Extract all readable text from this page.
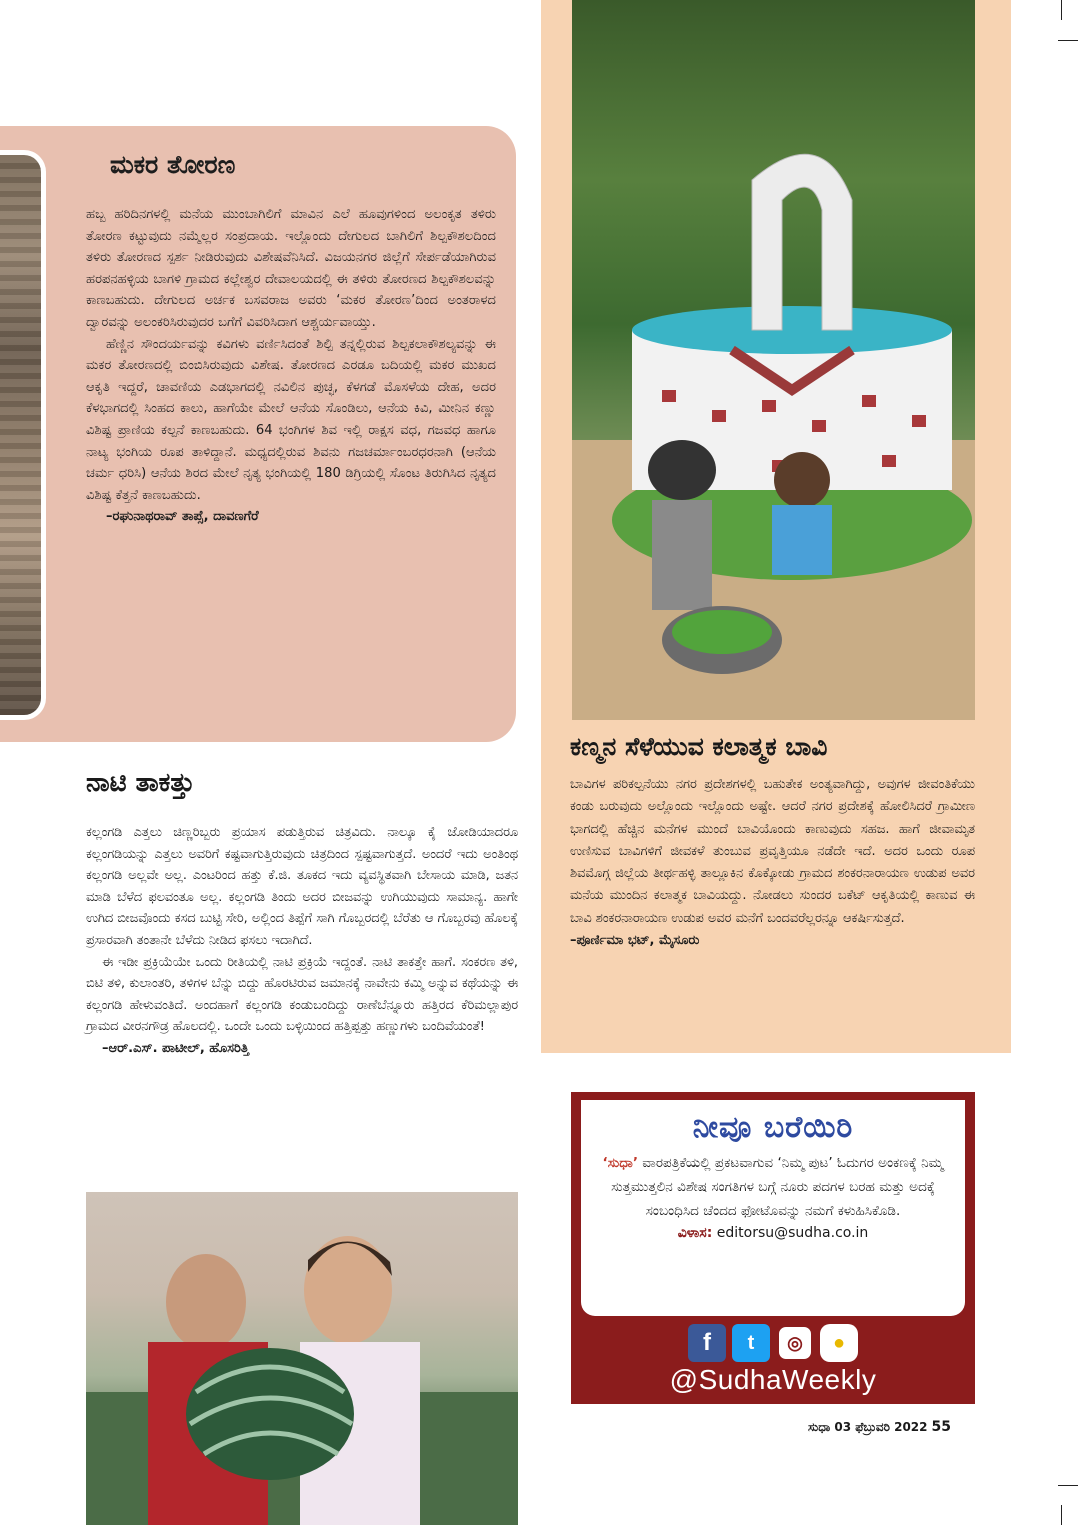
ಮಕರ ತೋರಣ

ಹಬ್ಬ ಹರಿದಿನಗಳಲ್ಲಿ ಮನೆಯ ಮುಂಬಾಗಿಲಿಗೆ ಮಾವಿನ ಎಲೆ ಹೂವುಗಳಿಂದ ಅಲಂಕೃತ ತಳಿರು ತೋರಣ ಕಟ್ಟುವುದು ನಮ್ಮೆಲ್ಲರ ಸಂಪ್ರದಾಯ. ಇಲ್ಲೊಂದು ದೇಗುಲದ ಬಾಗಿಲಿಗೆ ಶಿಲ್ಪಕೌಶಲದಿಂದ ತಳಿರು ತೋರಣದ ಸ್ಪರ್ಶ ನೀಡಿರುವುದು ವಿಶೇಷವೆನಿಸಿದೆ. ವಿಜಯನಗರ ಜಿಲ್ಲೆಗೆ ಸೇರ್ಪಡೆಯಾಗಿರುವ ಹರಪನಹಳ್ಳಿಯ ಬಾಗಳಿ ಗ್ರಾಮದ ಕಲ್ಲೇಶ್ವರ ದೇವಾಲಯದಲ್ಲಿ ಈ ತಳಿರು ತೋರಣದ ಶಿಲ್ಪಕೌಶಲವನ್ನು ಕಾಣಬಹುದು. ದೇಗುಲದ ಅರ್ಚಕ ಬಸವರಾಜ ಅವರು ‘ಮಕರ ತೋರಣ’ದಿಂದ ಅಂತರಾಳದ ದ್ವಾರವನ್ನು ಅಲಂಕರಿಸಿರುವುದರ ಬಗೆಗೆ ವಿವರಿಸಿದಾಗ ಆಶ್ಚರ್ಯವಾಯ್ತು.

ಹೆಣ್ಣಿನ ಸೌಂದರ್ಯವನ್ನು ಕವಿಗಳು ವರ್ಣಿಸಿದಂತೆ ಶಿಲ್ಪಿ ತನ್ನಲ್ಲಿರುವ ಶಿಲ್ಪಕಲಾಕೌಶಲ್ಯವನ್ನು ಈ ಮಕರ ತೋರಣದಲ್ಲಿ ಬಿಂಬಿಸಿರುವುದು ವಿಶೇಷ. ತೋರಣದ ಎರಡೂ ಬದಿಯಲ್ಲಿ ಮಕರ ಮುಖದ ಆಕೃತಿ ಇದ್ದರೆ, ಚಾವಣಿಯ ಎಡಭಾಗದಲ್ಲಿ ನವಿಲಿನ ಪುಚ್ಛ, ಕೆಳಗಡೆ ಮೊಸಳೆಯ ದೇಹ, ಅದರ ಕೆಳಭಾಗದಲ್ಲಿ ಸಿಂಹದ ಕಾಲು, ಹಾಗೆಯೇ ಮೇಲೆ ಆನೆಯ ಸೊಂಡಿಲು, ಆನೆಯ ಕಿವಿ, ಮೀನಿನ ಕಣ್ಣು ವಿಶಿಷ್ಟ ಪ್ರಾಣಿಯ ಕಲ್ಪನೆ ಕಾಣಬಹುದು. 64 ಭಂಗಿಗಳ ಶಿವ ಇಲ್ಲಿ ರಾಕ್ಷಸ ವಧ, ಗಜವಧ ಹಾಗೂ ನಾಟ್ಯ ಭಂಗಿಯ ರೂಪ ತಾಳಿದ್ದಾನೆ. ಮಧ್ಯದಲ್ಲಿರುವ ಶಿವನು ಗಜಚರ್ಮಾಂಬರಧರನಾಗಿ (ಆನೆಯ ಚರ್ಮ ಧರಿಸಿ) ಆನೆಯ ಶಿರದ ಮೇಲೆ ನೃತ್ಯ ಭಂಗಿಯಲ್ಲಿ 180 ಡಿಗ್ರಿಯಲ್ಲಿ ಸೊಂಟ ತಿರುಗಿಸಿದ ನೃತ್ಯದ ವಿಶಿಷ್ಟ ಕೆತ್ತನೆ ಕಾಣಬಹುದು.

–ರಘುನಾಥರಾವ್ ತಾಪ್ಸೆ, ದಾವಣಗೆರೆ

ನಾಟಿ ತಾಕತ್ತು

ಕಲ್ಲಂಗಡಿ ಎತ್ತಲು ಚಿಣ್ಣರಿಬ್ಬರು ಪ್ರಯಾಸ ಪಡುತ್ತಿರುವ ಚಿತ್ರವಿದು. ನಾಲ್ಕೂ ಕೈ ಜೋಡಿಯಾದರೂ ಕಲ್ಲಂಗಡಿಯನ್ನು ಎತ್ತಲು ಅವರಿಗೆ ಕಷ್ಟವಾಗುತ್ತಿರುವುದು ಚಿತ್ರದಿಂದ ಸ್ಪಷ್ಟವಾಗುತ್ತದೆ. ಅಂದರೆ ಇದು ಅಂತಿಂಥ ಕಲ್ಲಂಗಡಿ ಅಲ್ಲವೇ ಅಲ್ಲ. ಎಂಟರಿಂದ ಹತ್ತು ಕೆ.ಜಿ. ತೂಕದ ಇದು ವ್ಯವಸ್ಥಿತವಾಗಿ ಬೇಸಾಯ ಮಾಡಿ, ಜತನ ಮಾಡಿ ಬೆಳೆದ ಫಲವಂತೂ ಅಲ್ಲ. ಕಲ್ಲಂಗಡಿ ತಿಂದು ಅದರ ಬೀಜವನ್ನು ಉಗಿಯುವುದು ಸಾಮಾನ್ಯ. ಹಾಗೇ ಉಗಿದ ಬೀಜವೊಂದು ಕಸದ ಬುಟ್ಟಿ ಸೇರಿ, ಅಲ್ಲಿಂದ ತಿಪ್ಪೆಗೆ ಸಾಗಿ ಗೊಬ್ಬರದಲ್ಲಿ ಬೆರೆತು ಆ ಗೊಬ್ಬರವು ಹೊಲಕ್ಕೆ ಪ್ರಸಾರವಾಗಿ ತಂತಾನೇ ಬೆಳೆದು ನೀಡಿದ ಫಸಲು ಇದಾಗಿದೆ.

ಈ ಇಡೀ ಪ್ರಕ್ರಿಯೆಯೇ ಒಂದು ರೀತಿಯಲ್ಲಿ ನಾಟಿ ಪ್ರಕ್ರಿಯೆ ಇದ್ದಂತೆ. ನಾಟಿ ತಾಕತ್ತೇ ಹಾಗೆ. ಸಂಕರಣ ತಳಿ, ಬಿಟಿ ತಳಿ, ಕುಲಾಂತರಿ, ತಳಿಗಳ ಬೆನ್ನು ಬಿದ್ದು ಹೊರಟಿರುವ ಜಮಾನಕ್ಕೆ ನಾವೇನು ಕಮ್ಮಿ ಅನ್ನುವ ಕಥೆಯನ್ನು ಈ ಕಲ್ಲಂಗಡಿ ಹೇಳುವಂತಿದೆ. ಅಂದಹಾಗೆ ಕಲ್ಲಂಗಡಿ ಕಂಡುಬಂದಿದ್ದು ರಾಣೆಬೆನ್ನೂರು ಹತ್ತಿರದ ಕೆರಿಮಲ್ಲಾಪುರ ಗ್ರಾಮದ ವೀರನಗೌಡ್ರ ಹೊಲದಲ್ಲಿ. ಒಂದೇ ಒಂದು ಬಳ್ಳಿಯಿಂದ ಹತ್ತಿಪ್ಪತ್ತು ಹಣ್ಣುಗಳು ಬಂದಿವೆಯಂತೆ!

–ಆರ್.ಎಸ್. ಪಾಟೀಲ್, ಹೊಸರಿತ್ತಿ

ಕಣ್ಮನ ಸೆಳೆಯುವ ಕಲಾತ್ಮಕ ಬಾವಿ

ಬಾವಿಗಳ ಪರಿಕಲ್ಪನೆಯು ನಗರ ಪ್ರದೇಶಗಳಲ್ಲಿ ಬಹುತೇಕ ಅಂತ್ಯವಾಗಿದ್ದು, ಅವುಗಳ ಜೀವಂತಿಕೆಯು ಕಂಡು ಬರುವುದು ಅಲ್ಲೊಂದು ಇಲ್ಲೊಂದು ಅಷ್ಟೇ. ಆದರೆ ನಗರ ಪ್ರದೇಶಕ್ಕೆ ಹೋಲಿಸಿದರೆ ಗ್ರಾಮೀಣ ಭಾಗದಲ್ಲಿ ಹೆಚ್ಚಿನ ಮನೆಗಳ ಮುಂದೆ ಬಾವಿಯೊಂದು ಕಾಣುವುದು ಸಹಜ. ಹಾಗೆ ಜೀವಾಮೃತ ಉಣಿಸುವ ಬಾವಿಗಳಿಗೆ ಜೀವಕಳೆ ತುಂಬುವ ಪ್ರವೃತ್ತಿಯೂ ನಡೆದೇ ಇದೆ. ಅದರ ಒಂದು ರೂಪ ಶಿವಮೊಗ್ಗ ಜಿಲ್ಲೆಯ ತೀರ್ಥಹಳ್ಳಿ ತಾಲ್ಲೂಕಿನ ಕೊಕ್ಕೋಡು ಗ್ರಾಮದ ಶಂಕರನಾರಾಯಣ ಉಡುಪ ಅವರ ಮನೆಯ ಮುಂದಿನ ಕಲಾತ್ಮಕ ಬಾವಿಯದ್ದು. ನೋಡಲು ಸುಂದರ ಬಕೆಟ್ ಆಕೃತಿಯಲ್ಲಿ ಕಾಣುವ ಈ ಬಾವಿ ಶಂಕರನಾರಾಯಣ ಉಡುಪ ಅವರ ಮನೆಗೆ ಬಂದವರೆಲ್ಲರನ್ನೂ ಆಕರ್ಷಿಸುತ್ತದೆ.

–ಪೂರ್ಣಿಮಾ ಭಟ್, ಮೈಸೂರು

ನೀವೂ ಬರೆಯಿರಿ
‘ಸುಧಾ’ ವಾರಪತ್ರಿಕೆಯಲ್ಲಿ ಪ್ರಕಟವಾಗುವ ‘ನಿಮ್ಮ ಪುಟ’ ಓದುಗರ ಅಂಕಣಕ್ಕೆ ನಿಮ್ಮ ಸುತ್ತಮುತ್ತಲಿನ ವಿಶೇಷ ಸಂಗತಿಗಳ ಬಗ್ಗೆ ನೂರು ಪದಗಳ ಬರಹ ಮತ್ತು ಅದಕ್ಕೆ ಸಂಬಂಧಿಸಿದ ಚೆಂದದ ಫೋಟೊವನ್ನು ನಮಗೆ ಕಳುಹಿಸಿಕೊಡಿ.
ವಿಳಾಸ: editorsu@sudha.co.in
f	t	◎	●
@SudhaWeekly
ಸುಧಾ 03 ಫೆಬ್ರುವರಿ 2022 55
